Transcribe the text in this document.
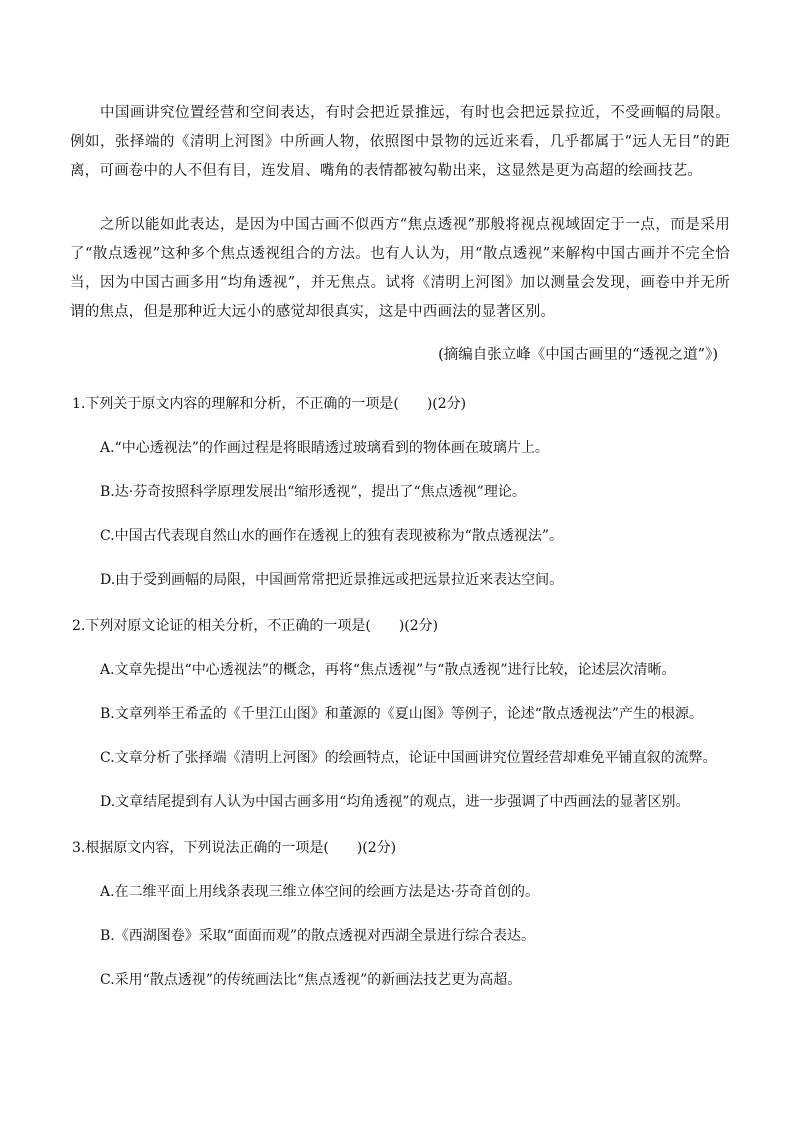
中国画讲究位置经营和空间表达，有时会把近景推远，有时也会把远景拉近，不受画幅的局限。例如，张择端的《清明上河图》中所画人物，依照图中景物的远近来看，几乎都属于“远人无目”的距离，可画卷中的人不但有目，连发眉、嘴角的表情都被勾勒出来，这显然是更为高超的绘画技艺。

之所以能如此表达，是因为中国古画不似西方“焦点透视”那般将视点视域固定于一点，而是采用了“散点透视”这种多个焦点透视组合的方法。也有人认为，用“散点透视”来解构中国古画并不完全恰当，因为中国古画多用“均角透视”，并无焦点。试将《清明上河图》加以测量会发现，画卷中并无所谓的焦点，但是那种近大远小的感觉却很真实，这是中西画法的显著区别。

(摘编自张立峰《中国古画里的“透视之道”》)
1.下列关于原文内容的理解和分析，不正确的一项是(　　)(2分)
A.“中心透视法”的作画过程是将眼睛透过玻璃看到的物体画在玻璃片上。
B.达·芬奇按照科学原理发展出“缩形透视”，提出了“焦点透视”理论。
C.中国古代表现自然山水的画作在透视上的独有表现被称为“散点透视法”。
D.由于受到画幅的局限，中国画常常把近景推远或把远景拉近来表达空间。
2.下列对原文论证的相关分析，不正确的一项是(　　)(2分)
A.文章先提出“中心透视法”的概念，再将“焦点透视”与“散点透视”进行比较，论述层次清晰。
B.文章列举王希孟的《千里江山图》和董源的《夏山图》等例子，论述“散点透视法”产生的根源。
C.文章分析了张择端《清明上河图》的绘画特点，论证中国画讲究位置经营却难免平铺直叙的流弊。
D.文章结尾提到有人认为中国古画多用“均角透视”的观点，进一步强调了中西画法的显著区别。
3.根据原文内容，下列说法正确的一项是(　　)(2分)
A.在二维平面上用线条表现三维立体空间的绘画方法是达·芬奇首创的。
B.《西湖图卷》采取“面面而观”的散点透视对西湖全景进行综合表达。
C.采用“散点透视”的传统画法比“焦点透视”的新画法技艺更为高超。
